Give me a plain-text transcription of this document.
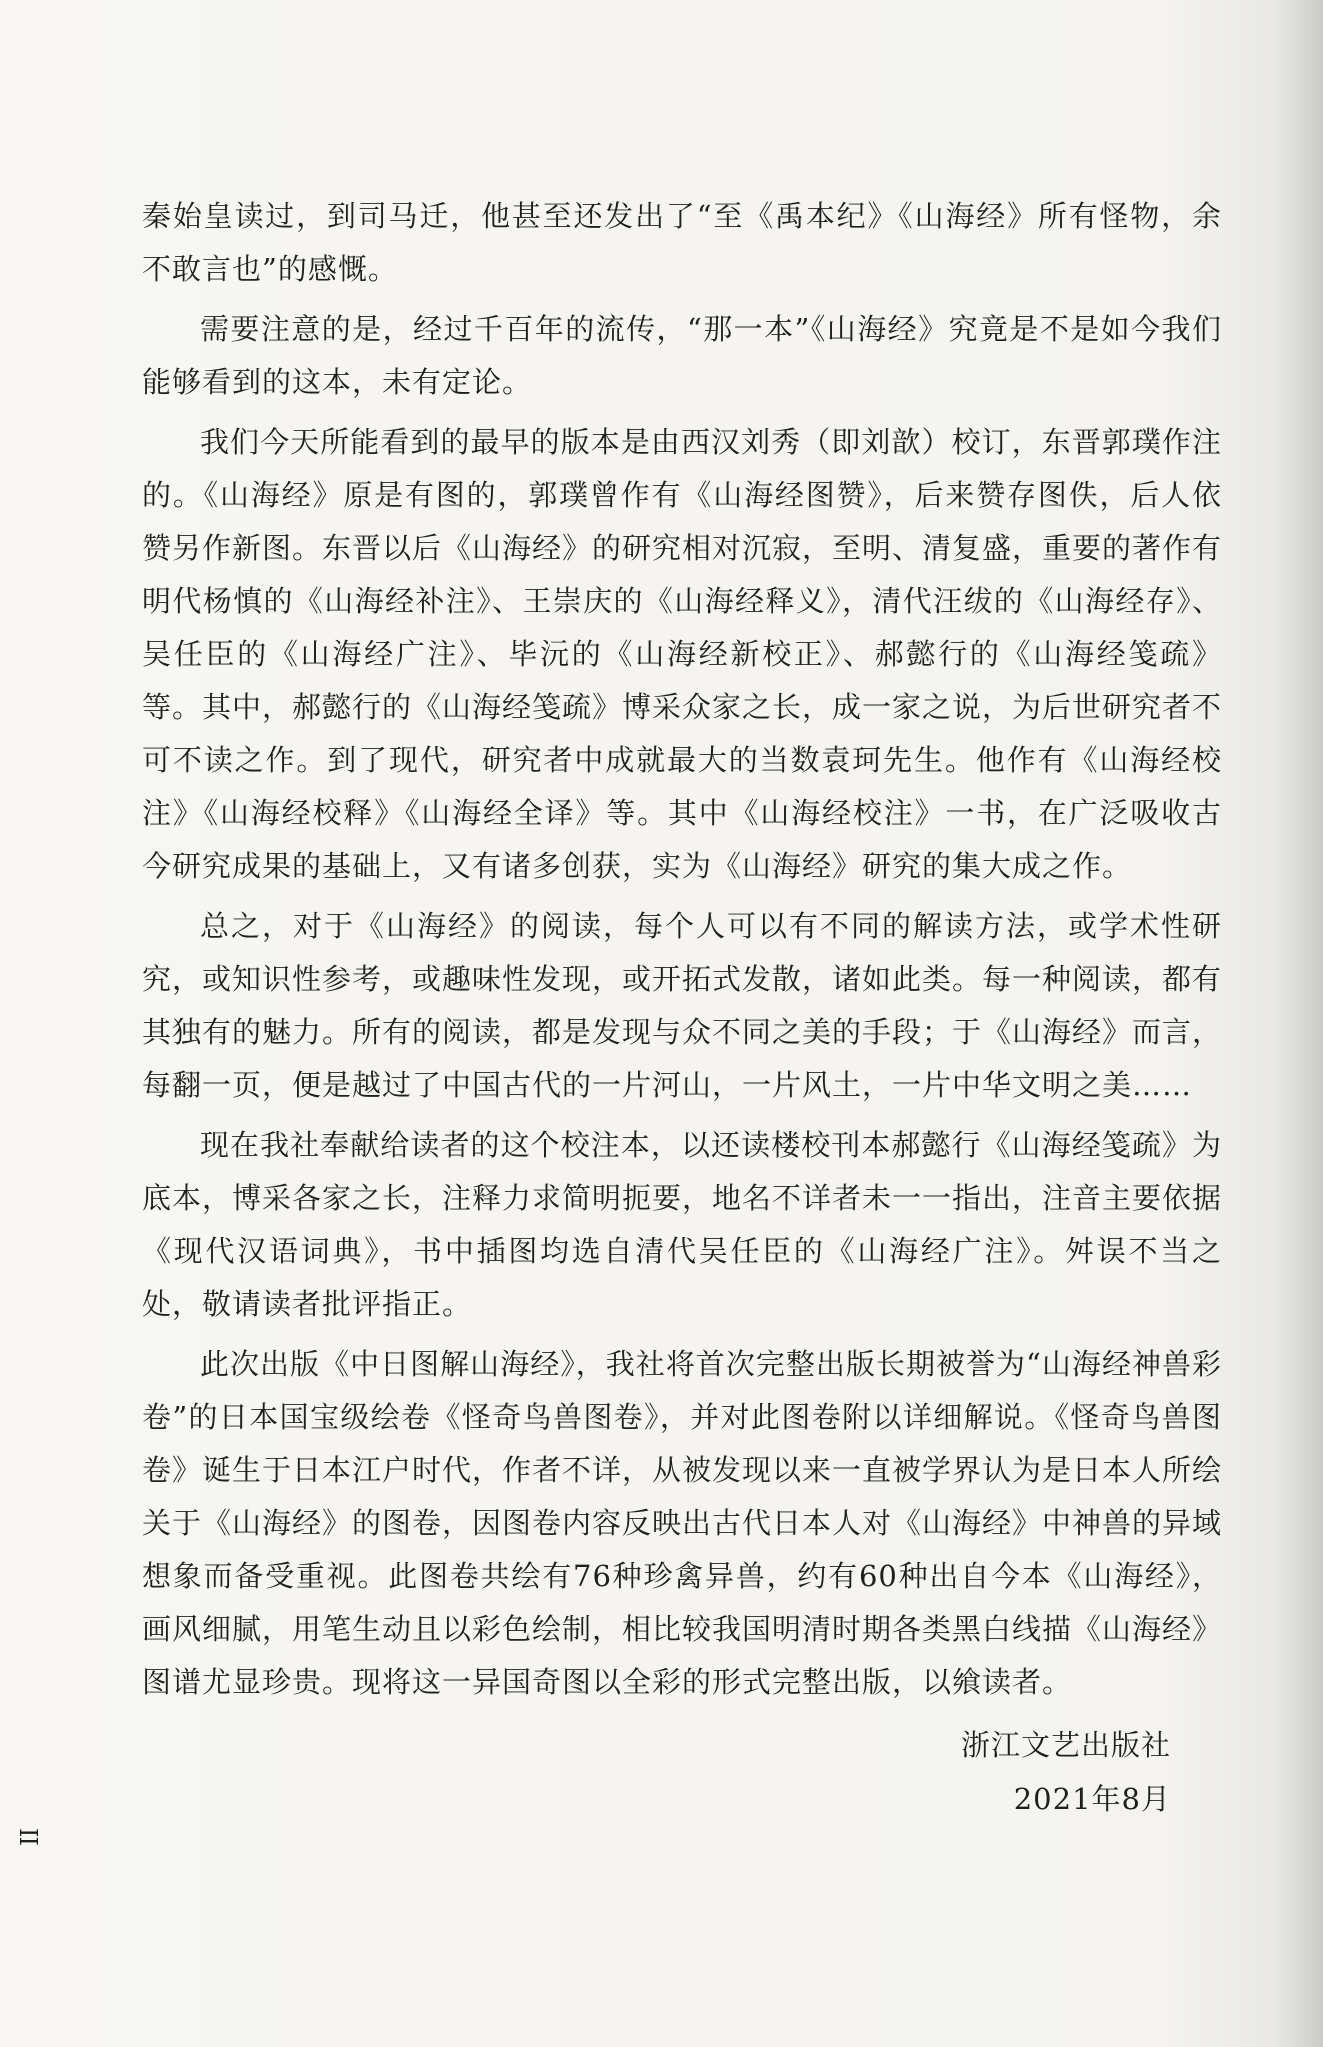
秦始皇读过，到司马迁，他甚至还发出了“至《禹本纪》《山海经》所有怪物，余不敢言也”的感慨。

需要注意的是，经过千百年的流传，“那一本”《山海经》究竟是不是如今我们能够看到的这本，未有定论。

我们今天所能看到的最早的版本是由西汉刘秀（即刘歆）校订，东晋郭璞作注的。《山海经》原是有图的，郭璞曾作有《山海经图赞》，后来赞存图佚，后人依赞另作新图。东晋以后《山海经》的研究相对沉寂，至明、清复盛，重要的著作有明代杨慎的《山海经补注》、王崇庆的《山海经释义》，清代汪绂的《山海经存》、吴任臣的《山海经广注》、毕沅的《山海经新校正》、郝懿行的《山海经笺疏》等。其中，郝懿行的《山海经笺疏》博采众家之长，成一家之说，为后世研究者不可不读之作。到了现代，研究者中成就最大的当数袁珂先生。他作有《山海经校注》《山海经校释》《山海经全译》等。其中《山海经校注》一书，在广泛吸收古今研究成果的基础上，又有诸多创获，实为《山海经》研究的集大成之作。

总之，对于《山海经》的阅读，每个人可以有不同的解读方法，或学术性研究，或知识性参考，或趣味性发现，或开拓式发散，诸如此类。每一种阅读，都有其独有的魅力。所有的阅读，都是发现与众不同之美的手段；于《山海经》而言，每翻一页，便是越过了中国古代的一片河山，一片风土，一片中华文明之美……

现在我社奉献给读者的这个校注本，以还读楼校刊本郝懿行《山海经笺疏》为底本，博采各家之长，注释力求简明扼要，地名不详者未一一指出，注音主要依据《现代汉语词典》，书中插图均选自清代吴任臣的《山海经广注》。舛误不当之处，敬请读者批评指正。

此次出版《中日图解山海经》，我社将首次完整出版长期被誉为“山海经神兽彩卷”的日本国宝级绘卷《怪奇鸟兽图卷》，并对此图卷附以详细解说。《怪奇鸟兽图卷》诞生于日本江户时代，作者不详，从被发现以来一直被学界认为是日本人所绘关于《山海经》的图卷，因图卷内容反映出古代日本人对《山海经》中神兽的异域想象而备受重视。此图卷共绘有76种珍禽异兽，约有60种出自今本《山海经》，画风细腻，用笔生动且以彩色绘制，相比较我国明清时期各类黑白线描《山海经》图谱尤显珍贵。现将这一异国奇图以全彩的形式完整出版，以飨读者。

浙江文艺出版社
2021年8月
II
